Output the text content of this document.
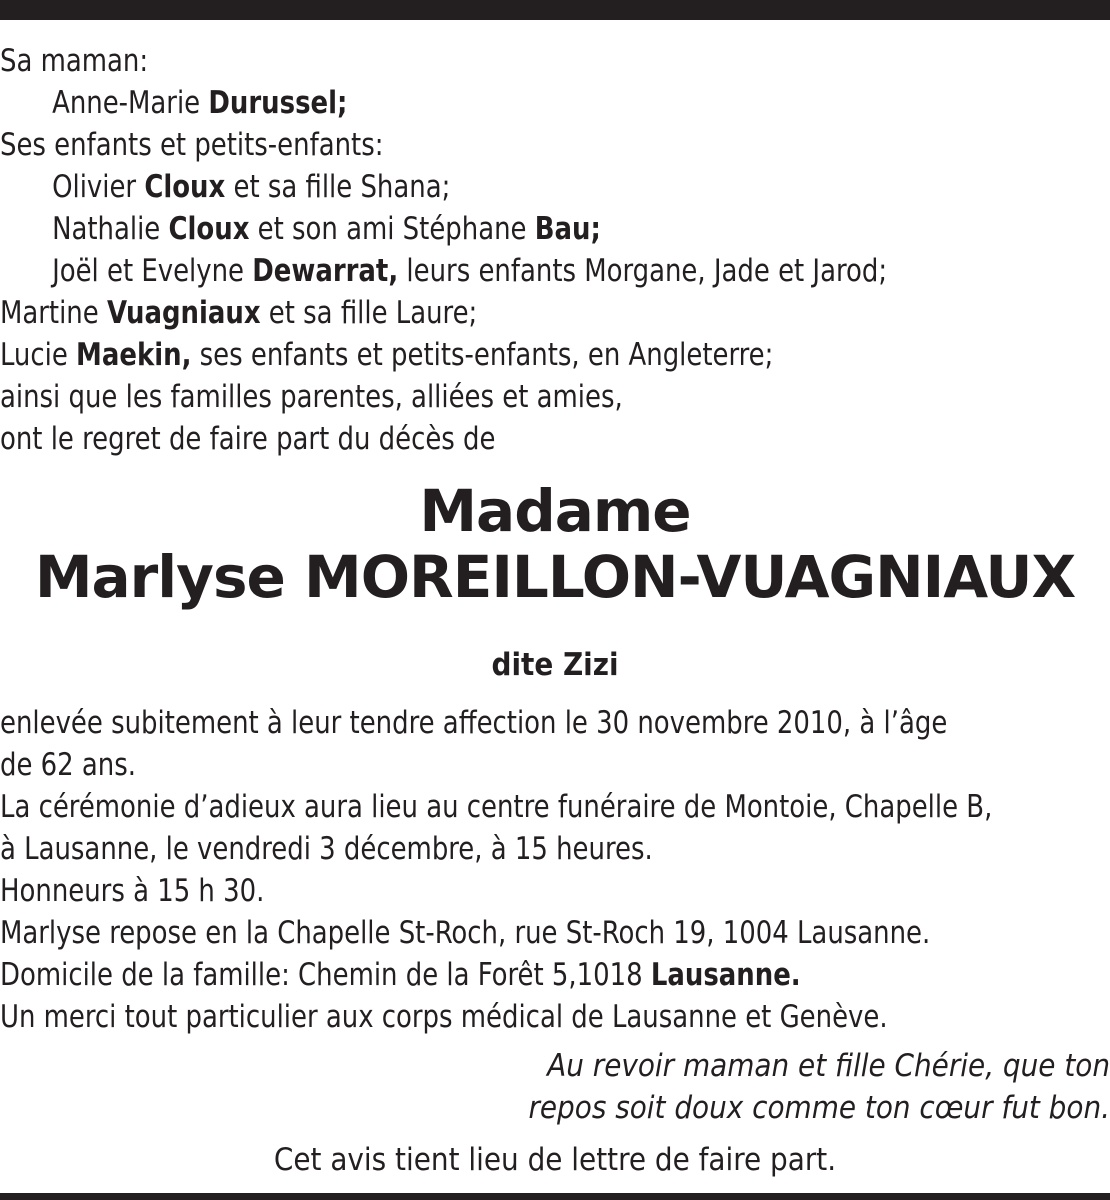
Sa maman:

Anne-Marie Durussel;

Ses enfants et petits-enfants:

Olivier Cloux et sa fille Shana;

Nathalie Cloux et son ami Stéphane Bau;

Joël et Evelyne Dewarrat, leurs enfants Morgane, Jade et Jarod;

Martine Vuagniaux et sa fille Laure;

Lucie Maekin, ses enfants et petits-enfants, en Angleterre;

ainsi que les familles parentes, alliées et amies,

ont le regret de faire part du décès de

Madame
Marlyse MOREILLON-VUAGNIAUX
dite Zizi

enlevée subitement à leur tendre affection le 30 novembre 2010, à l’âge

de 62 ans.

La cérémonie d’adieux aura lieu au centre funéraire de Montoie, Chapelle B,

à Lausanne, le vendredi 3 décembre, à 15 heures.

Honneurs à 15 h 30.

Marlyse repose en la Chapelle St-Roch, rue St-Roch 19, 1004 Lausanne.

Domicile de la famille: Chemin de la Forêt 5,1018 Lausanne.

Un merci tout particulier aux corps médical de Lausanne et Genève.

Au revoir maman et fille Chérie, que ton

repos soit doux comme ton cœur fut bon.

Cet avis tient lieu de lettre de faire part.
